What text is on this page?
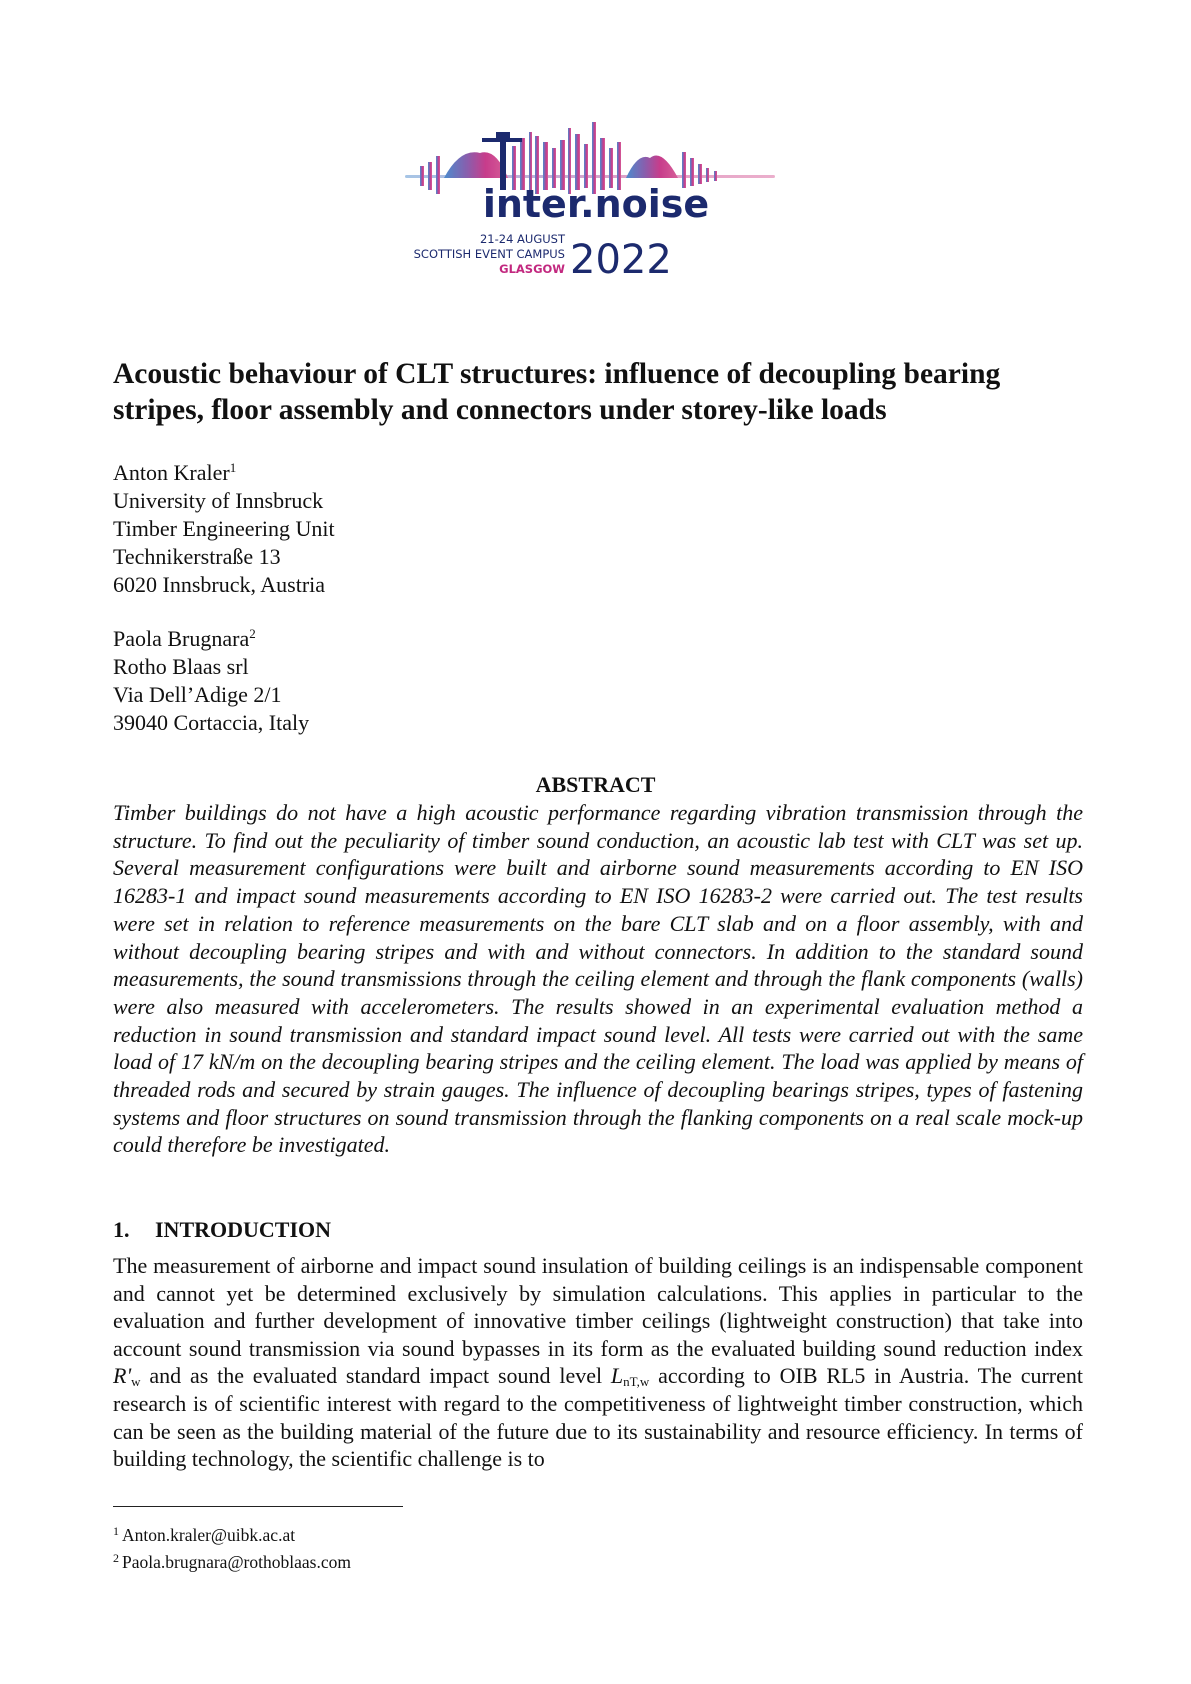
inter.noise
21-24 AUGUST
SCOTTISH EVENT CAMPUS
GLASGOW 2022
Acoustic behaviour of CLT structures: influence of decoupling bearing
stripes, floor assembly and connectors under storey-like loads
Anton Kraler$^1$
University of Innsbruck
Timber Engineering Unit
Technikerstraße 13
6020 Innsbruck, Austria
Paola Brugnara$^2$
Rotho Blaas srl
Via Dell’Adige 2/1
39040 Cortaccia, Italy
ABSTRACT

Timber buildings do not have a high acoustic performance regarding vibration transmission through the structure. To find out the peculiarity of timber sound conduction, an acoustic lab test with CLT was set up. Several measurement configurations were built and airborne sound measurements according to EN ISO 16283-1 and impact sound measurements according to EN ISO 16283-2 were carried out. The test results were set in relation to reference measurements on the bare CLT slab and on a floor assembly, with and without decoupling bearing stripes and with and without connectors. In addition to the standard sound measurements, the sound transmissions through the ceiling element and through the flank components (walls) were also measured with accelerometers. The results showed in an experimental evaluation method a reduction in sound transmission and standard impact sound level. All tests were carried out with the same load of 17 kN/m on the decoupling bearing stripes and the ceiling element. The load was applied by means of threaded rods and secured by strain gauges. The influence of decoupling bearings stripes, types of fastening systems and floor structures on sound transmission through the flanking components on a real scale mock-up could therefore be investigated.

1. INTRODUCTION

The measurement of airborne and impact sound insulation of building ceilings is an indispensable component and cannot yet be determined exclusively by simulation calculations. This applies in particular to the evaluation and further development of innovative timber ceilings (lightweight construction) that take into account sound transmission via sound bypasses in its form as the evaluated building sound reduction index $R'_w$ and as the evaluated standard impact sound level $L_{nT,w}$ according to OIB RL5 in Austria. The current research is of scientific interest with regard to the competitiveness of lightweight timber construction, which can be seen as the building material of the future due to its sustainability and resource efficiency. In terms of building technology, the scientific challenge is to

$^1$ Anton.kraler@uibk.ac.at
$^2$ Paola.brugnara@rothoblaas.com
